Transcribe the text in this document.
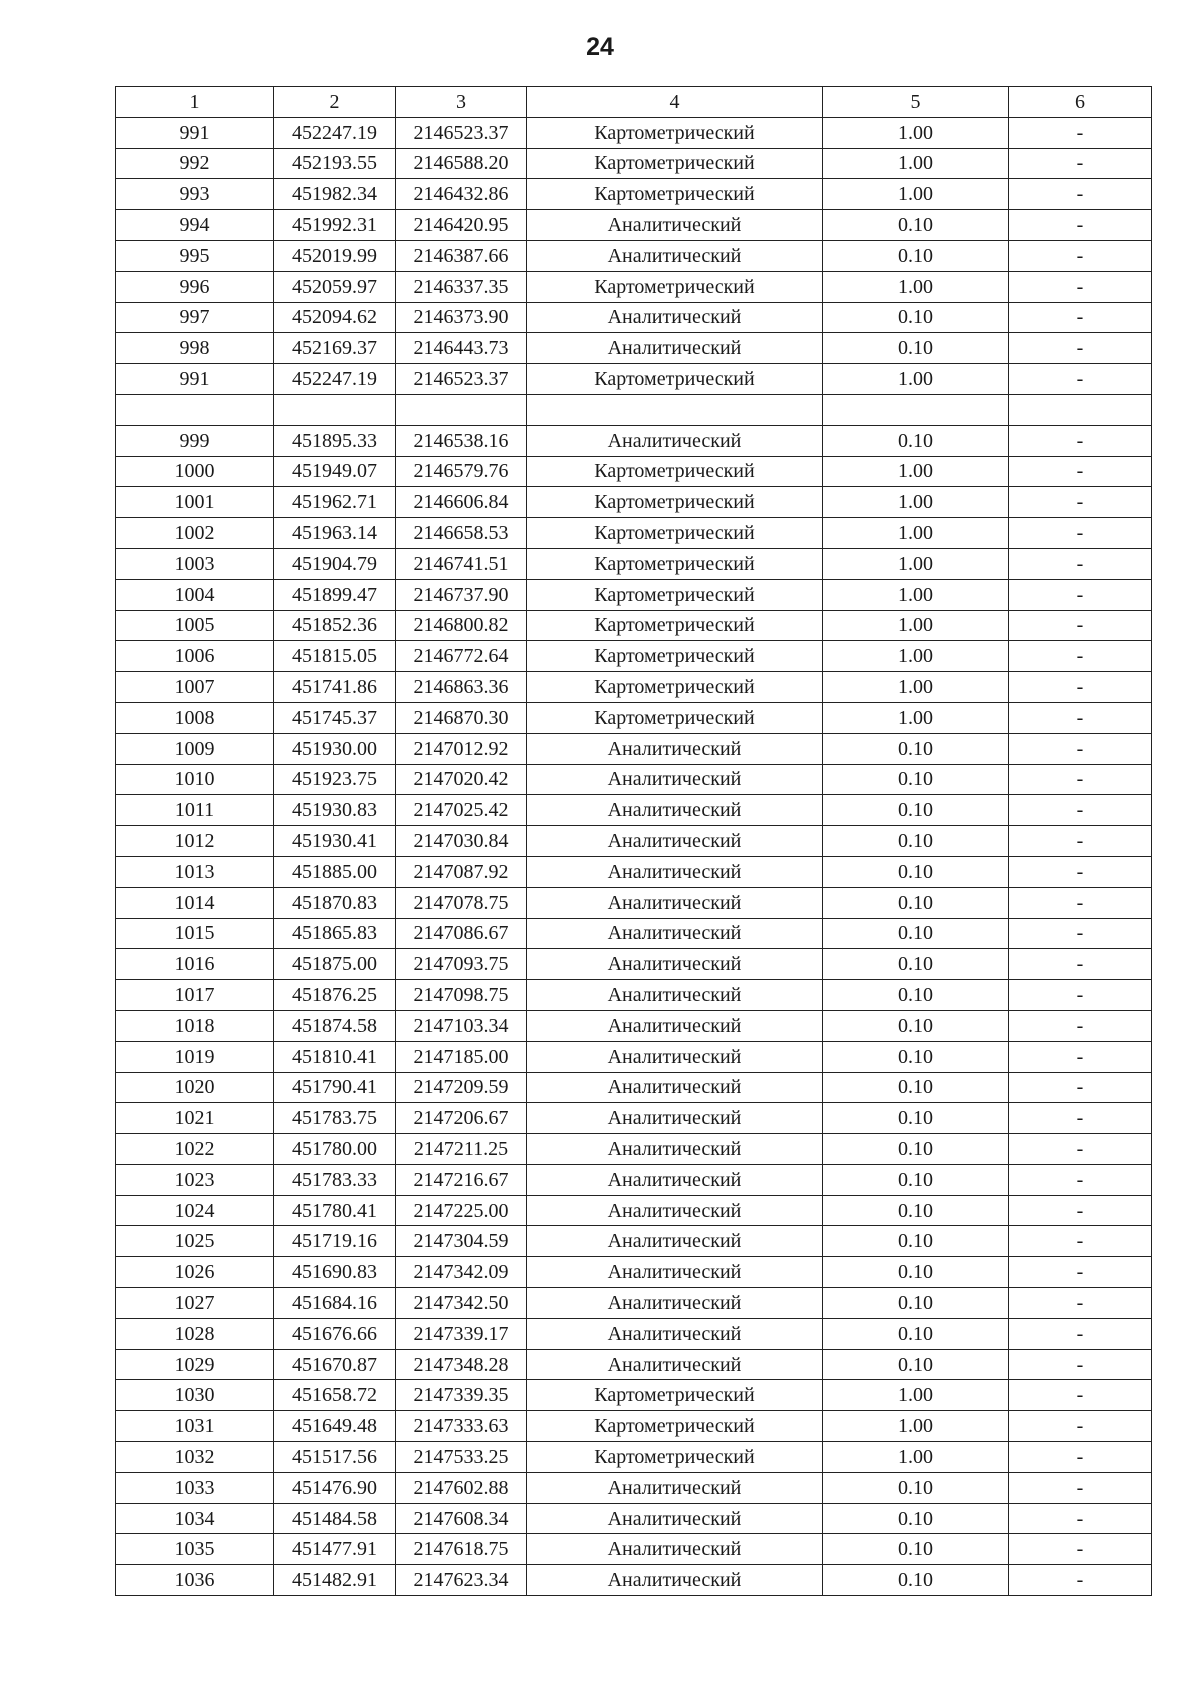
24
1	2	3	4	5	6
991	452247.19	2146523.37	Картометрический	1.00	-
992	452193.55	2146588.20	Картометрический	1.00	-
993	451982.34	2146432.86	Картометрический	1.00	-
994	451992.31	2146420.95	Аналитический	0.10	-
995	452019.99	2146387.66	Аналитический	0.10	-
996	452059.97	2146337.35	Картометрический	1.00	-
997	452094.62	2146373.90	Аналитический	0.10	-
998	452169.37	2146443.73	Аналитический	0.10	-
991	452247.19	2146523.37	Картометрический	1.00	-

999	451895.33	2146538.16	Аналитический	0.10	-
1000	451949.07	2146579.76	Картометрический	1.00	-
1001	451962.71	2146606.84	Картометрический	1.00	-
1002	451963.14	2146658.53	Картометрический	1.00	-
1003	451904.79	2146741.51	Картометрический	1.00	-
1004	451899.47	2146737.90	Картометрический	1.00	-
1005	451852.36	2146800.82	Картометрический	1.00	-
1006	451815.05	2146772.64	Картометрический	1.00	-
1007	451741.86	2146863.36	Картометрический	1.00	-
1008	451745.37	2146870.30	Картометрический	1.00	-
1009	451930.00	2147012.92	Аналитический	0.10	-
1010	451923.75	2147020.42	Аналитический	0.10	-
1011	451930.83	2147025.42	Аналитический	0.10	-
1012	451930.41	2147030.84	Аналитический	0.10	-
1013	451885.00	2147087.92	Аналитический	0.10	-
1014	451870.83	2147078.75	Аналитический	0.10	-
1015	451865.83	2147086.67	Аналитический	0.10	-
1016	451875.00	2147093.75	Аналитический	0.10	-
1017	451876.25	2147098.75	Аналитический	0.10	-
1018	451874.58	2147103.34	Аналитический	0.10	-
1019	451810.41	2147185.00	Аналитический	0.10	-
1020	451790.41	2147209.59	Аналитический	0.10	-
1021	451783.75	2147206.67	Аналитический	0.10	-
1022	451780.00	2147211.25	Аналитический	0.10	-
1023	451783.33	2147216.67	Аналитический	0.10	-
1024	451780.41	2147225.00	Аналитический	0.10	-
1025	451719.16	2147304.59	Аналитический	0.10	-
1026	451690.83	2147342.09	Аналитический	0.10	-
1027	451684.16	2147342.50	Аналитический	0.10	-
1028	451676.66	2147339.17	Аналитический	0.10	-
1029	451670.87	2147348.28	Аналитический	0.10	-
1030	451658.72	2147339.35	Картометрический	1.00	-
1031	451649.48	2147333.63	Картометрический	1.00	-
1032	451517.56	2147533.25	Картометрический	1.00	-
1033	451476.90	2147602.88	Аналитический	0.10	-
1034	451484.58	2147608.34	Аналитический	0.10	-
1035	451477.91	2147618.75	Аналитический	0.10	-
1036	451482.91	2147623.34	Аналитический	0.10	-
